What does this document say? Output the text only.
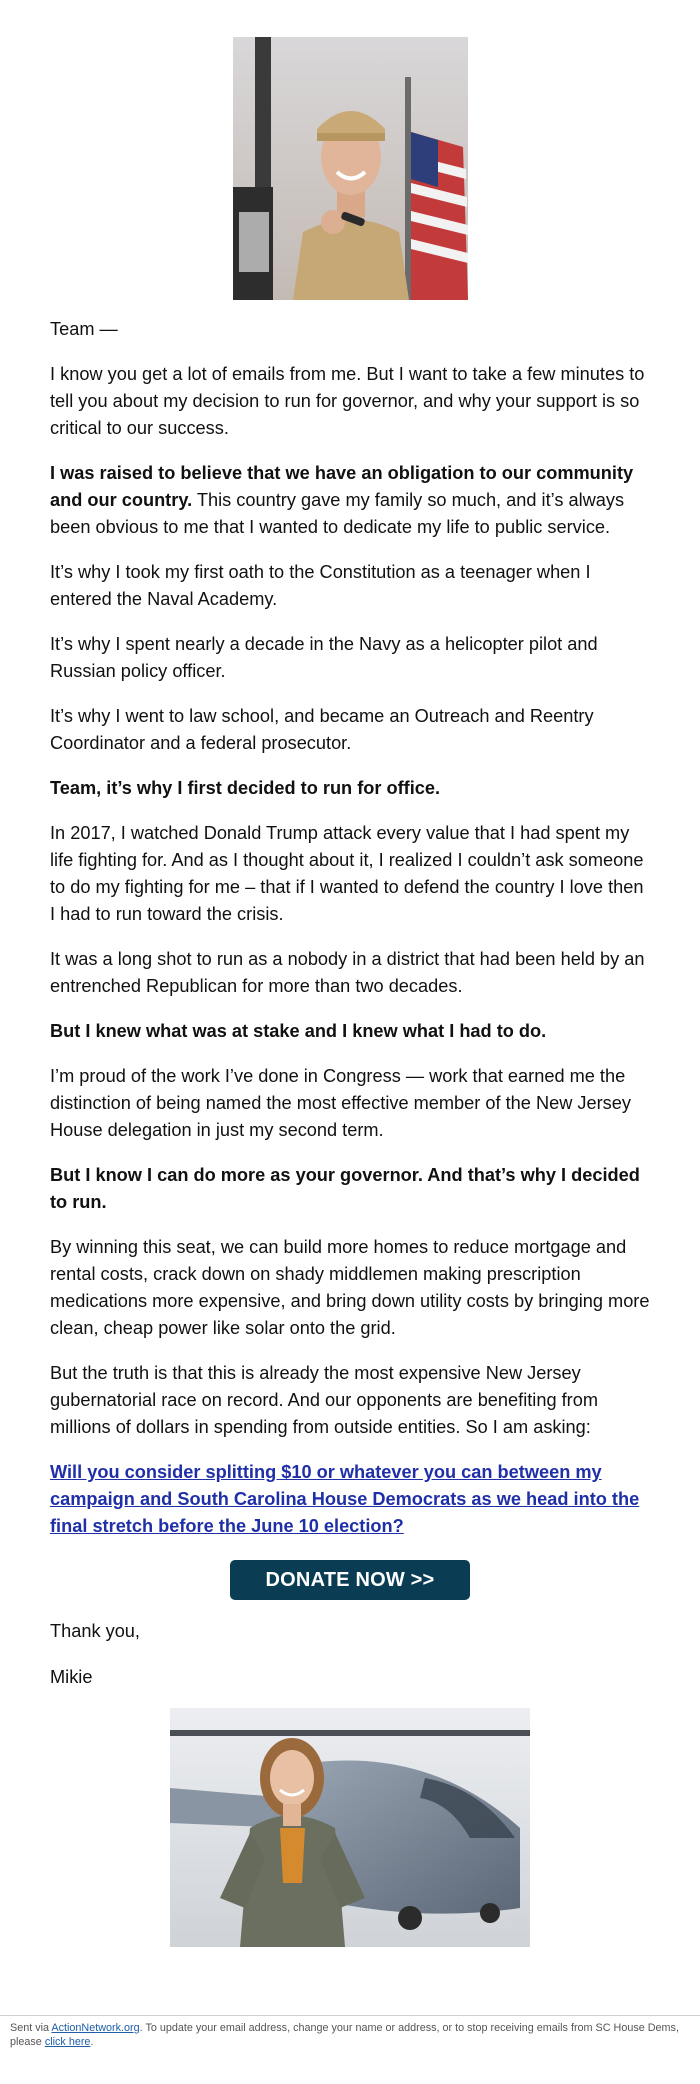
Team —

I know you get a lot of emails from me. But I want to take a few minutes to tell you about my decision to run for governor, and why your support is so critical to our success.

I was raised to believe that we have an obligation to our community and our country. This country gave my family so much, and it’s always been obvious to me that I wanted to dedicate my life to public service.

It’s why I took my first oath to the Constitution as a teenager when I entered the Naval Academy.

It’s why I spent nearly a decade in the Navy as a helicopter pilot and Russian policy officer.

It’s why I went to law school, and became an Outreach and Reentry Coordinator and a federal prosecutor.

Team, it’s why I first decided to run for office.

In 2017, I watched Donald Trump attack every value that I had spent my life fighting for. And as I thought about it, I realized I couldn’t ask someone to do my fighting for me – that if I wanted to defend the country I love then I had to run toward the crisis.

It was a long shot to run as a nobody in a district that had been held by an entrenched Republican for more than two decades.

But I knew what was at stake and I knew what I had to do.

I’m proud of the work I’ve done in Congress — work that earned me the distinction of being named the most effective member of the New Jersey House delegation in just my second term.

But I know I can do more as your governor. And that’s why I decided to run.

By winning this seat, we can build more homes to reduce mortgage and rental costs, crack down on shady middlemen making prescription medications more expensive, and bring down utility costs by bringing more clean, cheap power like solar onto the grid.

But the truth is that this is already the most expensive New Jersey gubernatorial race on record. And our opponents are benefiting from millions of dollars in spending from outside entities. So I am asking:

Will you consider splitting $10 or whatever you can between my campaign and South Carolina House Democrats as we head into the final stretch before the June 10 election?

DONATE NOW >>
Thank you,
Mikie
Sent via ActionNetwork.org. To update your email address, change your name or address, or to stop receiving emails from SC House Dems, please click here.
